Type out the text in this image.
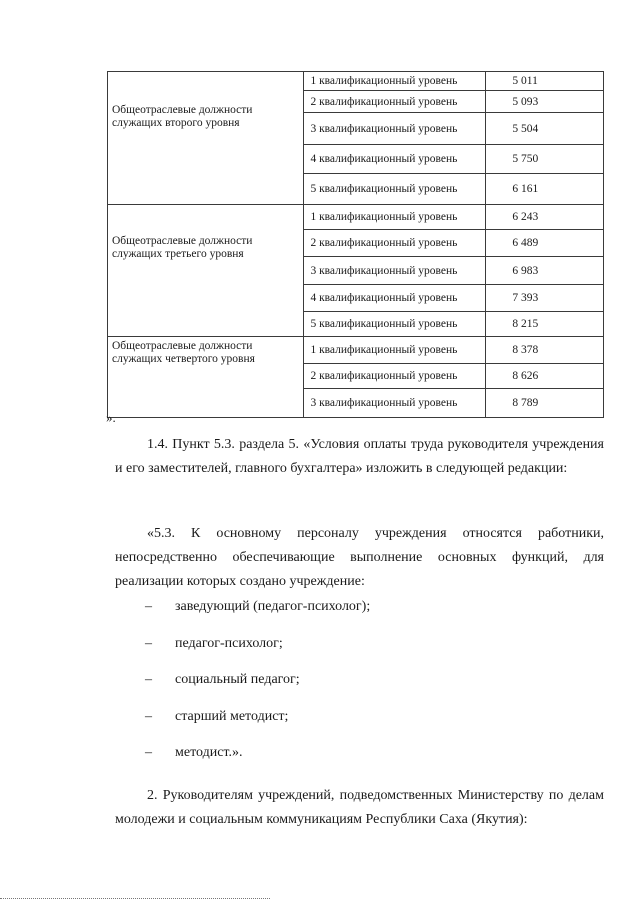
Общеотраслевые должности
служащих второго уровня	1 квалификационный уровень	5 011
	2 квалификационный уровень	5 093
	3 квалификационный уровень	5 504
	4 квалификационный уровень	5 750
	5 квалификационный уровень	6 161

Общеотраслевые должности
служащих третьего уровня	1 квалификационный уровень	6 243
	2 квалификационный уровень	6 489
	3 квалификационный уровень	6 983
	4 квалификационный уровень	7 393
	5 квалификационный уровень	8 215

Общеотраслевые должности
служащих четвертого уровня	1 квалификационный уровень	8 378
	2 квалификационный уровень	8 626
	3 квалификационный уровень	8 789
».
1.4. Пункт 5.3. раздела 5. «Условия оплаты труда руководителя учреждения и его заместителей, главного бухгалтера» изложить в следующей редакции:
«5.3. К основному персоналу учреждения относятся работники, непосредственно обеспечивающие выполнение основных функций, для реализации которых создано учреждение:
– заведующий (педагог-психолог);
– педагог-психолог;
– социальный педагог;
– старший методист;
– методист.».
2. Руководителям учреждений, подведомственных Министерству по делам молодежи и социальным коммуникациям Республики Саха (Якутия):
